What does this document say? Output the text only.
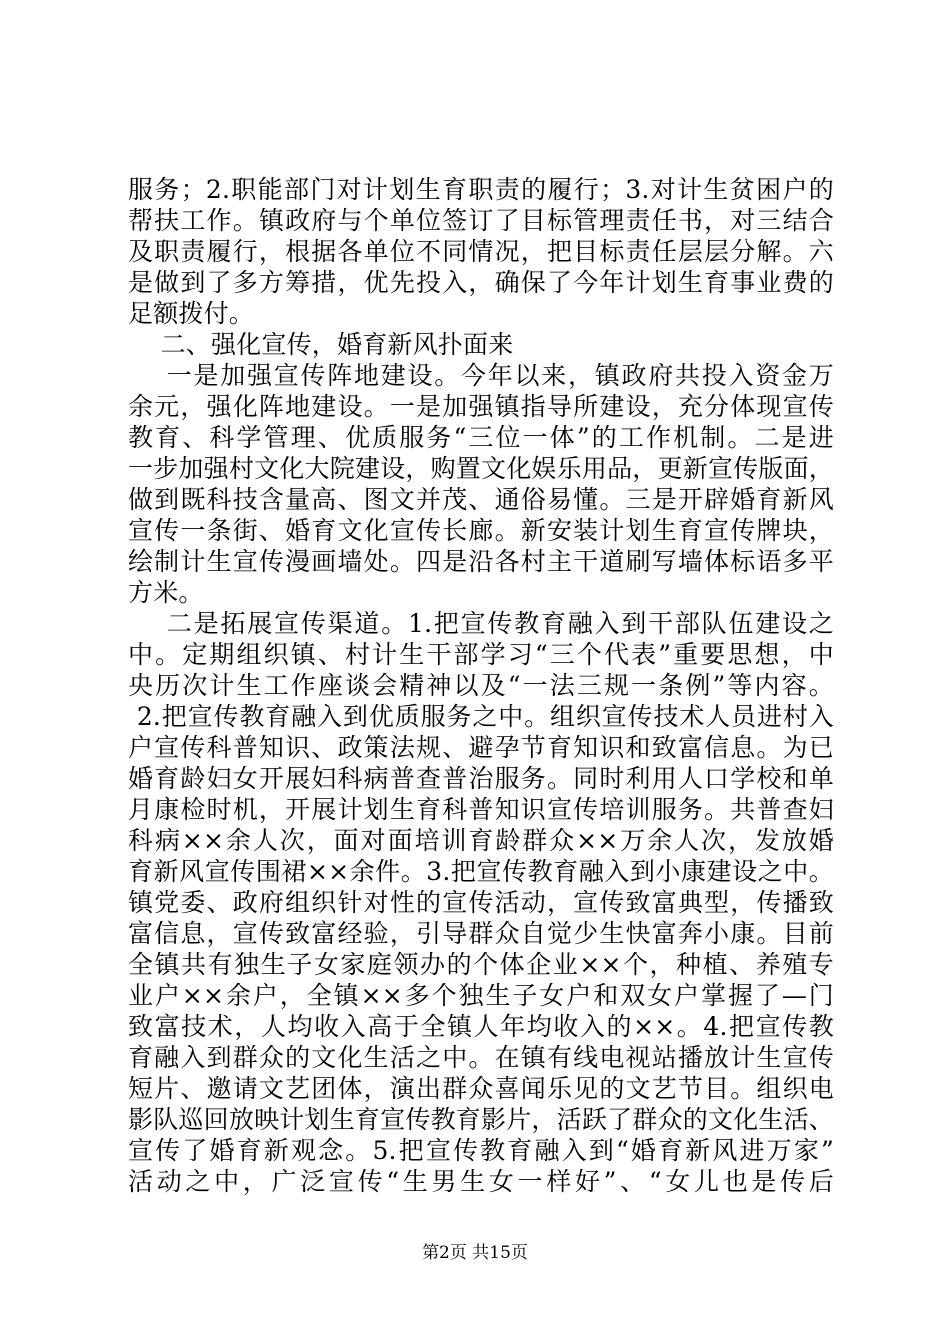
服务；2.职能部门对计划生育职责的履行；3.对计生贫困户的
帮扶工作。镇政府与个单位签订了目标管理责任书，对三结合
及职责履行，根据各单位不同情况，把目标责任层层分解。六
是做到了多方筹措，优先投入，确保了今年计划生育事业费的
足额拨付。
二、强化宣传，婚育新风扑面来
一是加强宣传阵地建设。今年以来，镇政府共投入资金万
余元，强化阵地建设。一是加强镇指导所建设，充分体现宣传
教育、科学管理、优质服务“三位一体”的工作机制。二是进
一步加强村文化大院建设，购置文化娱乐用品，更新宣传版面，
做到既科技含量高、图文并茂、通俗易懂。三是开辟婚育新风
宣传一条街、婚育文化宣传长廊。新安装计划生育宣传牌块，
绘制计生宣传漫画墙处。四是沿各村主干道刷写墙体标语多平
方米。
二是拓展宣传渠道。1.把宣传教育融入到干部队伍建设之
中。定期组织镇、村计生干部学习“三个代表”重要思想，中
央历次计生工作座谈会精神以及“一法三规一条例”等内容。
2.把宣传教育融入到优质服务之中。组织宣传技术人员进村入
户宣传科普知识、政策法规、避孕节育知识和致富信息。为已
婚育龄妇女开展妇科病普查普治服务。同时利用人口学校和单
月康检时机，开展计划生育科普知识宣传培训服务。共普查妇
科病××余人次，面对面培训育龄群众××万余人次，发放婚
育新风宣传围裙××余件。3.把宣传教育融入到小康建设之中。
镇党委、政府组织针对性的宣传活动，宣传致富典型，传播致
富信息，宣传致富经验，引导群众自觉少生快富奔小康。目前
全镇共有独生子女家庭领办的个体企业××个，种植、养殖专
业户××余户，全镇××多个独生子女户和双女户掌握了—门
致富技术，人均收入高于全镇人年均收入的××。4.把宣传教
育融入到群众的文化生活之中。在镇有线电视站播放计生宣传
短片、邀请文艺团体，演出群众喜闻乐见的文艺节目。组织电
影队巡回放映计划生育宣传教育影片，活跃了群众的文化生活、
宣传了婚育新观念。5.把宣传教育融入到“婚育新风进万家”
活动之中，广泛宣传“生男生女一样好”、“女儿也是传后
第2页 共15页
